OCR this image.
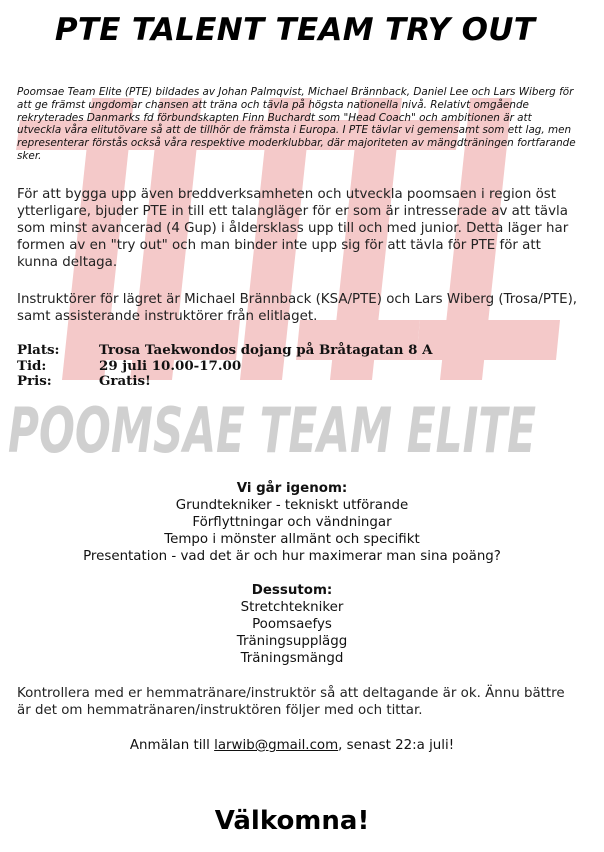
POOMSAE TEAM ELITE
PTE TALENT TEAM TRY OUT
Poomsae Team Elite (PTE) bildades av Johan Palmqvist, Michael Brännback, Daniel Lee och Lars Wiberg för att ge främst ungdomar chansen att träna och tävla på högsta nationella nivå. Relativt omgående rekryterades Danmarks fd förbundskapten Finn Buchardt som "Head Coach" och ambitionen är att utveckla våra elitutövare så att de tillhör de främsta i Europa. I PTE tävlar vi gemensamt som ett lag, men representerar förstås också våra respektive moderklubbar, där majoriteten av mängdträningen fortfarande sker.
För att bygga upp även breddverksamheten och utveckla poomsaen i region öst ytterligare, bjuder PTE in till ett talangläger för er som är intresserade av att tävla som minst avancerad (4 Gup) i åldersklass upp till och med junior. Detta läger har formen av en "try out" och man binder inte upp sig för att tävla för PTE för att kunna deltaga.
Instruktörer för lägret är Michael Brännback (KSA/PTE) och Lars Wiberg (Trosa/PTE), samt assisterande instruktörer från elitlaget.
Plats:	Trosa Taekwondos dojang på Bråtagatan 8 A
Tid:	29 juli 10.00-17.00
Pris:	Gratis!
Vi går igenom:
Grundtekniker - tekniskt utförande
Förflyttningar och vändningar
Tempo i mönster allmänt och specifikt
Presentation - vad det är och hur maximerar man sina poäng?
Dessutom:
Stretchtekniker
Poomsaefys
Träningsupplägg
Träningsmängd
Kontrollera med er hemmatränare/instruktör så att deltagande är ok. Ännu bättre är det om hemmatränaren/instruktören följer med och tittar.
Anmälan till larwib@gmail.com, senast 22:a juli!
Välkomna!
